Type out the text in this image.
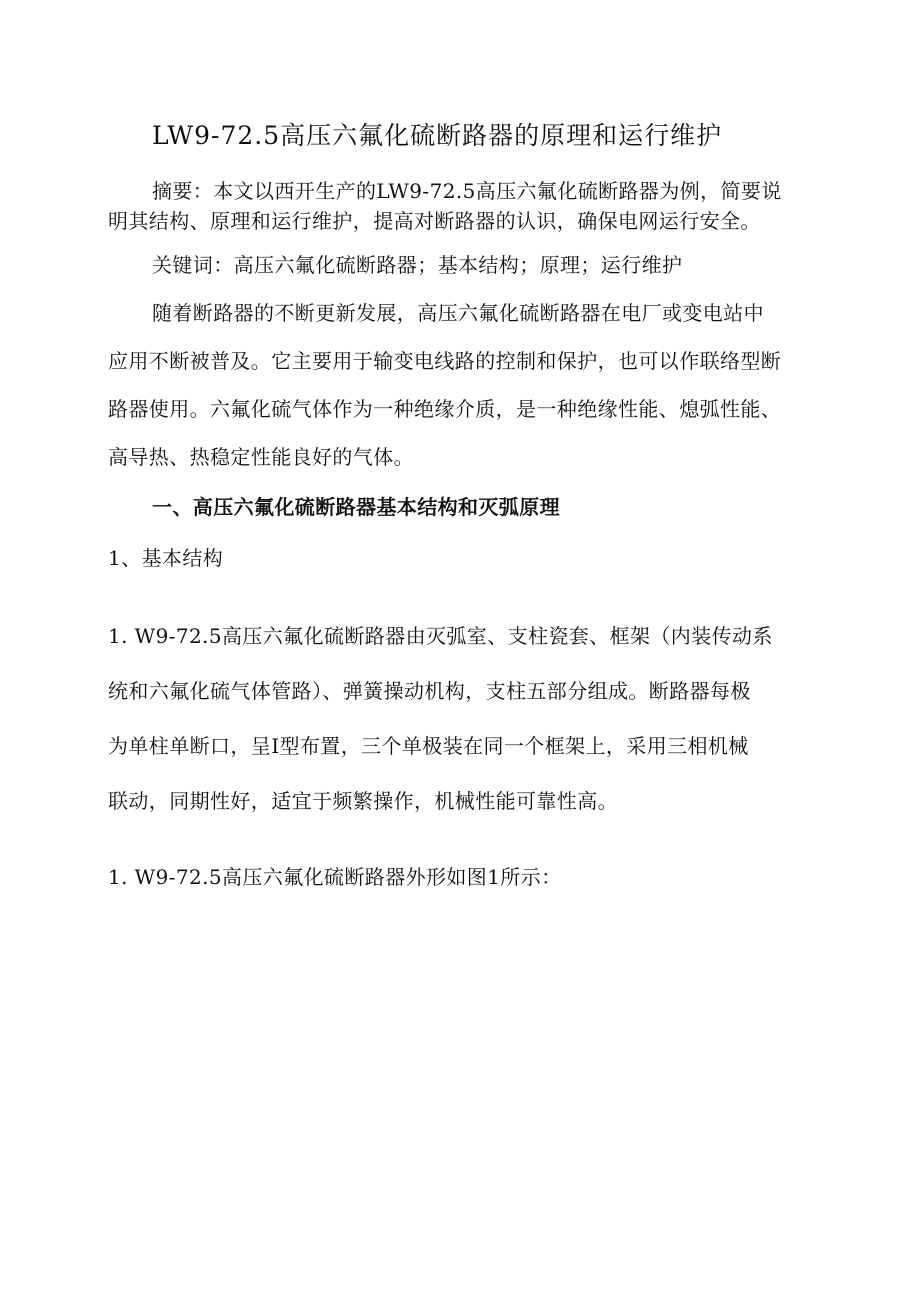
LW9-72.5高压六氟化硫断路器的原理和运行维护
摘要：本文以西开生产的LW9-72.5高压六氟化硫断路器为例，简要说
明其结构、原理和运行维护，提高对断路器的认识，确保电网运行安全。
关键词：高压六氟化硫断路器；基本结构；原理；运行维护
随着断路器的不断更新发展，高压六氟化硫断路器在电厂或变电站中
应用不断被普及。它主要用于输变电线路的控制和保护，也可以作联络型断
路器使用。六氟化硫气体作为一种绝缘介质，是一种绝缘性能、熄弧性能、
高导热、热稳定性能良好的气体。
一、高压六氟化硫断路器基本结构和灭弧原理
1、基本结构
1. W9-72.5高压六氟化硫断路器由灭弧室、支柱瓷套、框架（内装传动系
统和六氟化硫气体管路）、弹簧操动机构，支柱五部分组成。断路器每极
为单柱单断口，呈I型布置，三个单极装在同一个框架上，采用三相机械
联动，同期性好，适宜于频繁操作，机械性能可靠性高。
1. W9-72.5高压六氟化硫断路器外形如图1所示：
